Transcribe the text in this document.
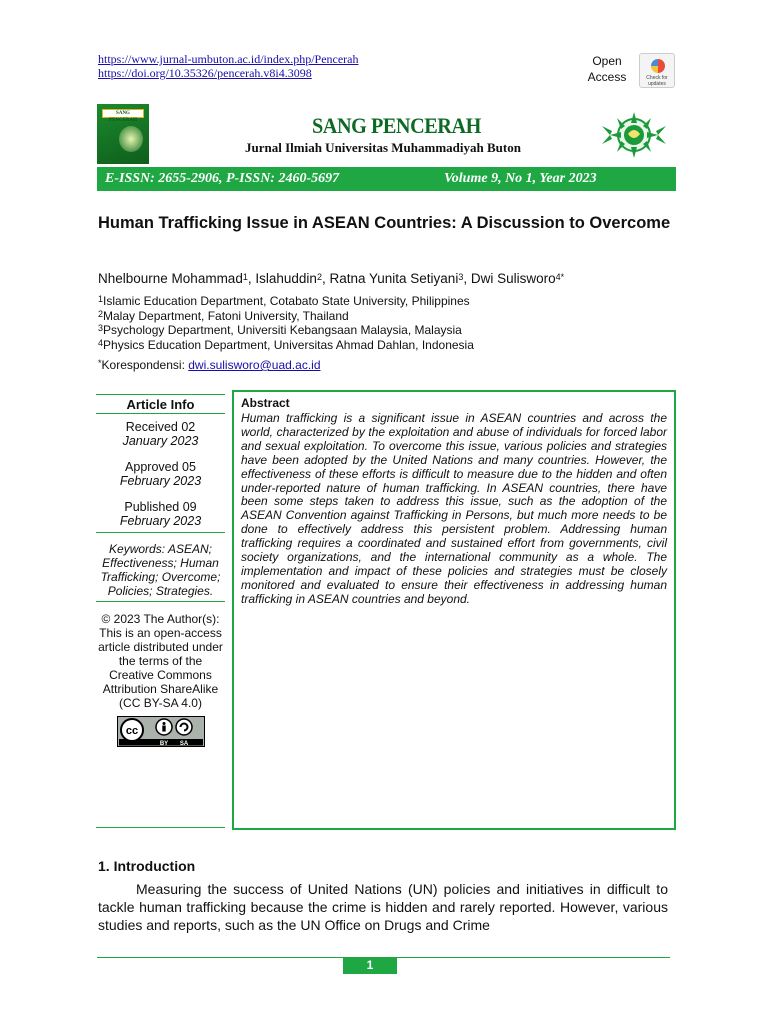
https://www.jurnal-umbuton.ac.id/index.php/Pencerah
https://doi.org/10.35326/pencerah.v8i4.3098
Open
Access	Check for updates
SANG PENCERAH	SANG PENCERAH
Jurnal Ilmiah Universitas Muhammadiyah Buton
E-ISSN: 2655-2906, P-ISSN: 2460-5697	Volume 9, No 1, Year 2023
Human Trafficking Issue in ASEAN Countries: A Discussion to Overcome
Nhelbourne Mohammad$^1$, Islahuddin$^2$, Ratna Yunita Setiyani$^3$, Dwi Sulisworo$^{4*}$
$^1$Islamic Education Department, Cotabato State University, Philippines
$^2$Malay Department, Fatoni University, Thailand
$^3$Psychology Department, Universiti Kebangsaan Malaysia, Malaysia
$^4$Physics Education Department, Universitas Ahmad Dahlan, Indonesia
*Korespondensi: dwi.sulisworo@uad.ac.id
Article Info
Received 02
January 2023
Approved 05
February 2023
Published 09
February 2023
Keywords: ASEAN; Effectiveness; Human Trafficking; Overcome; Policies; Strategies.
© 2023 The Author(s): This is an open-access article distributed under the terms of the Creative Commons Attribution ShareAlike (CC BY-SA 4.0)
cc
BY SA
Abstract

Human trafficking is a significant issue in ASEAN countries and across the world, characterized by the exploitation and abuse of individuals for forced labor and sexual exploitation. To overcome this issue, various policies and strategies have been adopted by the United Nations and many countries. However, the effectiveness of these efforts is difficult to measure due to the hidden and often under-reported nature of human trafficking. In ASEAN countries, there have been some steps taken to address this issue, such as the adoption of the ASEAN Convention against Trafficking in Persons, but much more needs to be done to effectively address this persistent problem. Addressing human trafficking requires a coordinated and sustained effort from governments, civil society organizations, and the international community as a whole. The implementation and impact of these policies and strategies must be closely monitored and evaluated to ensure their effectiveness in addressing human trafficking in ASEAN countries and beyond.

1. Introduction

Measuring the success of United Nations (UN) policies and initiatives in difficult to tackle human trafficking because the crime is hidden and rarely reported. However, various studies and reports, such as the UN Office on Drugs and Crime

1
